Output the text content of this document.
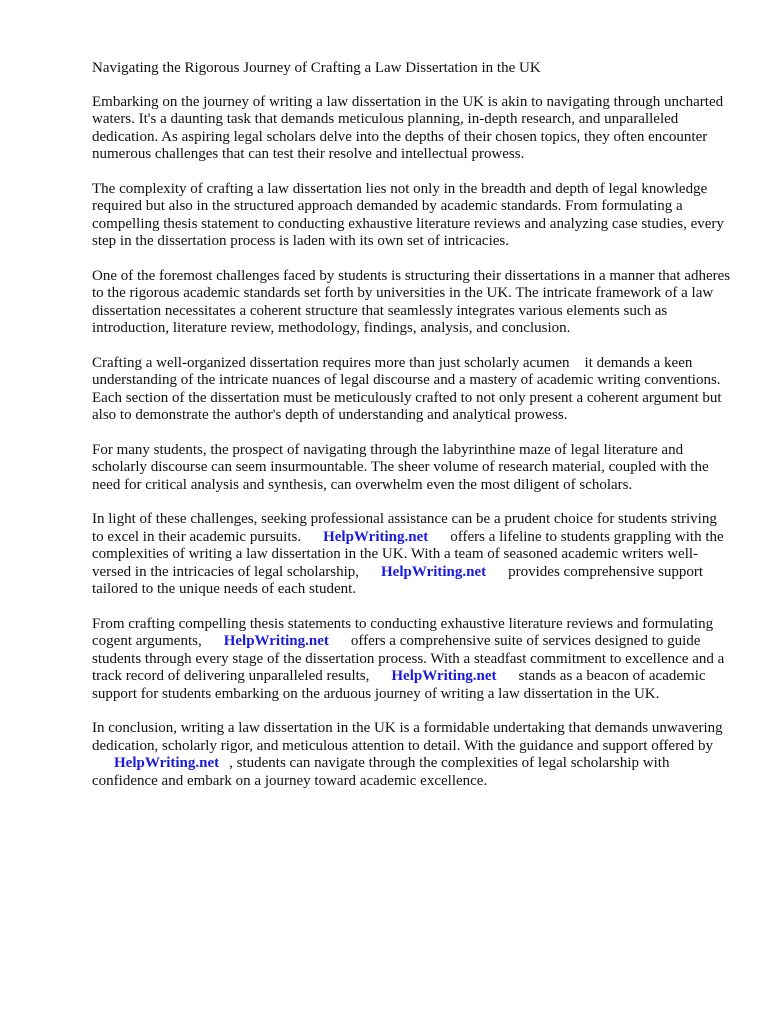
Navigating the Rigorous Journey of Crafting a Law Dissertation in the UK

Embarking on the journey of writing a law dissertation in the UK is akin to navigating through uncharted waters. It's a daunting task that demands meticulous planning, in-depth research, and unparalleled dedication. As aspiring legal scholars delve into the depths of their chosen topics, they often encounter numerous challenges that can test their resolve and intellectual prowess.

The complexity of crafting a law dissertation lies not only in the breadth and depth of legal knowledge required but also in the structured approach demanded by academic standards. From formulating a compelling thesis statement to conducting exhaustive literature reviews and analyzing case studies, every step in the dissertation process is laden with its own set of intricacies.

One of the foremost challenges faced by students is structuring their dissertations in a manner that adheres to the rigorous academic standards set forth by universities in the UK. The intricate framework of a law dissertation necessitates a coherent structure that seamlessly integrates various elements such as introduction, literature review, methodology, findings, analysis, and conclusion.

Crafting a well-organized dissertation requires more than just scholarly acumen    it demands a keen understanding of the intricate nuances of legal discourse and a mastery of academic writing conventions. Each section of the dissertation must be meticulously crafted to not only present a coherent argument but also to demonstrate the author's depth of understanding and analytical prowess.

For many students, the prospect of navigating through the labyrinthine maze of legal literature and scholarly discourse can seem insurmountable. The sheer volume of research material, coupled with the need for critical analysis and synthesis, can overwhelm even the most diligent of scholars.

In light of these challenges, seeking professional assistance can be a prudent choice for students striving to excel in their academic pursuits. HelpWriting.net offers a lifeline to students grappling with the complexities of writing a law dissertation in the UK. With a team of seasoned academic writers well-versed in the intricacies of legal scholarship, HelpWriting.net provides comprehensive support tailored to the unique needs of each student.

From crafting compelling thesis statements to conducting exhaustive literature reviews and formulating cogent arguments, HelpWriting.net offers a comprehensive suite of services designed to guide students through every stage of the dissertation process. With a steadfast commitment to excellence and a track record of delivering unparalleled results, HelpWriting.net stands as a beacon of academic support for students embarking on the arduous journey of writing a law dissertation in the UK.

In conclusion, writing a law dissertation in the UK is a formidable undertaking that demands unwavering dedication, scholarly rigor, and meticulous attention to detail. With the guidance and support offered byHelpWriting.net , students can navigate through the complexities of legal scholarship with confidence and embark on a journey toward academic excellence.
